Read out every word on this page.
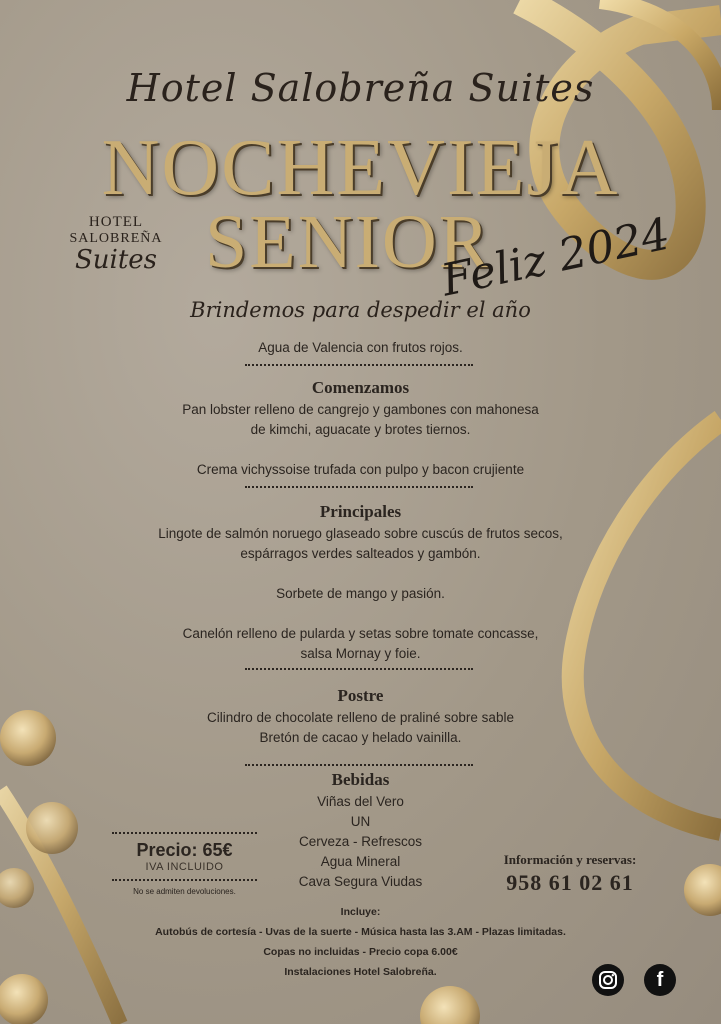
Hotel Salobreña Suites
NOCHEVIEJA
SENIOR
Feliz 2024
HOTEL
SALOBREÑA
Suites
Brindemos para despedir el año
Agua de Valencia con frutos rojos.
Comenzamos
Pan lobster relleno de cangrejo y gambones con mahonesa
de kimchi, aguacate y brotes tiernos.
Crema vichyssoise trufada con pulpo y bacon crujiente
Principales
Lingote de salmón noruego glaseado sobre cuscús de frutos secos,
espárragos verdes salteados y gambón.
Sorbete de mango y pasión.
Canelón relleno de pularda y setas sobre tomate concasse,
salsa Mornay y foie.
Postre
Cilindro de chocolate relleno de praliné sobre sable
Bretón de cacao y helado vainilla.
Bebidas
Viñas del Vero
UN
Cerveza - Refrescos
Agua Mineral
Cava Segura Viudas
Precio: 65€
IVA INCLUIDO
No se admiten devoluciones.
Información y reservas:
958 61 02 61
Incluye:
Autobús de cortesía - Uvas de la suerte - Música hasta las 3.AM - Plazas limitadas.
Copas no incluidas - Precio copa 6.00€
Instalaciones Hotel Salobreña.	f
